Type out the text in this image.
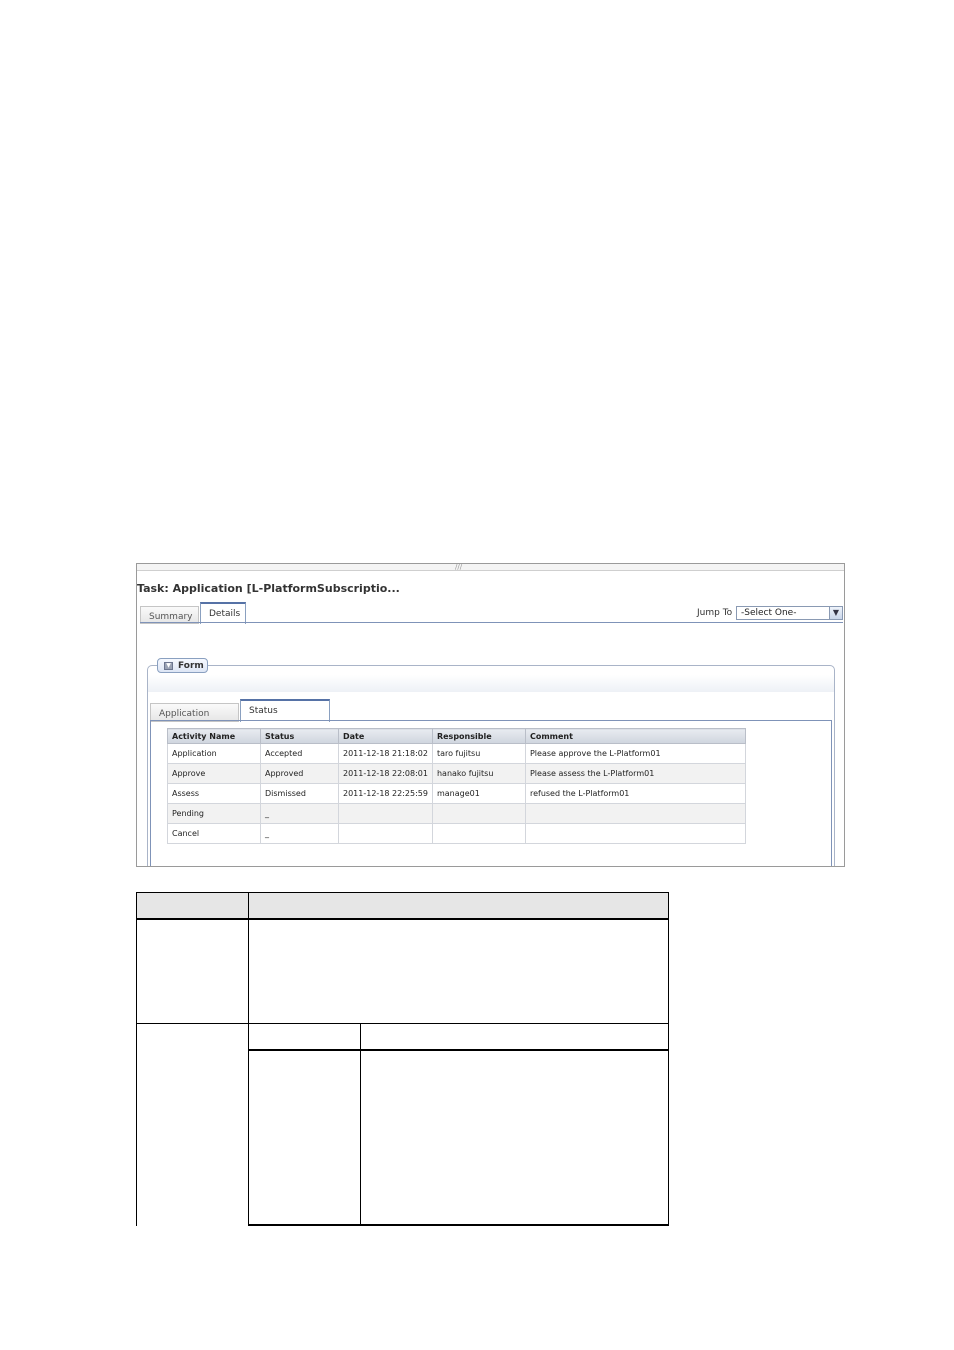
///
Task: Application [L-PlatformSubscriptio...
Summary	Details	Jump To -Select One-	▼
▼ Form
Application	Status
Activity Name	Status	Date	Responsible	Comment
Application	Accepted	2011-12-18 21:18:02	taro fujitsu	Please approve the L-Platform01
Approve	Approved	2011-12-18 22:08:01	hanako fujitsu	Please assess the L-Platform01
Assess	Dismissed	2011-12-18 22:25:59	manage01	refused the L-Platform01
Pending	_			
Cancel	_			
